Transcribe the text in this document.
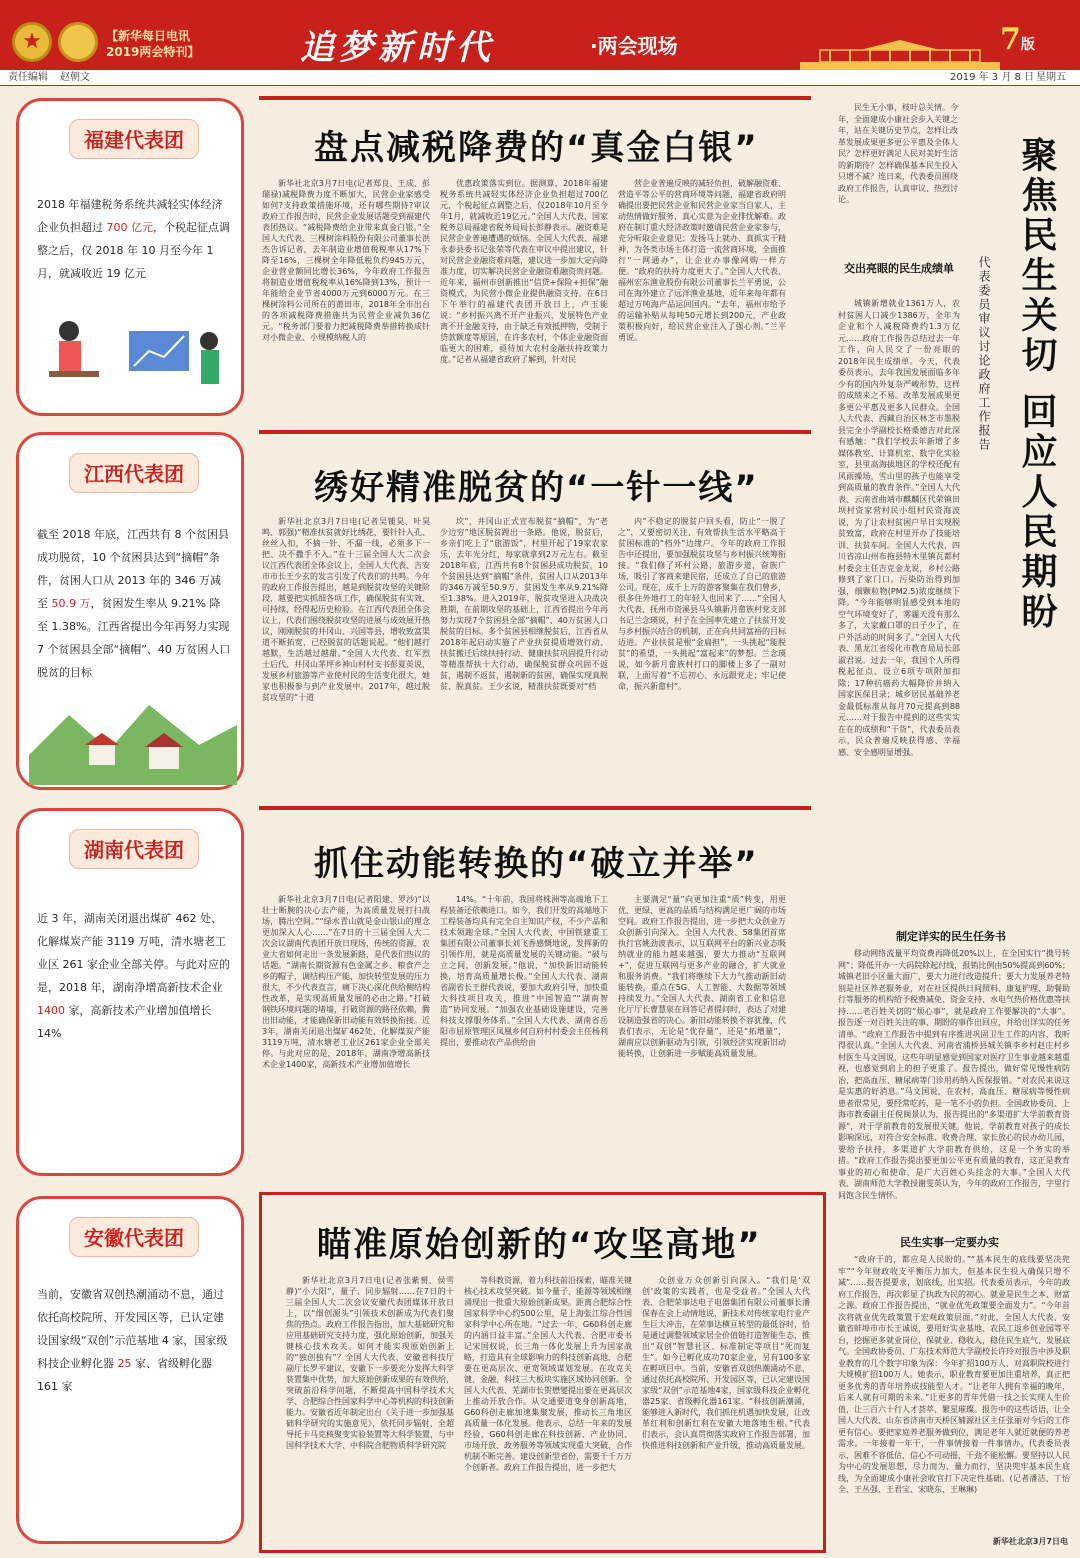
★	【新华每日电讯
2019两会特刊】	追梦新时代	·两会现场	7版
责任编辑 赵朝文	2019 年 3 月 8 日 星期五
福建代表团
2018 年福建税务系统共减轻实体经济企业负担超过 700 亿元，个税起征点调整之后，仅 2018 年 10 月至今年 1 月，就减收近 19 亿元
盘点减税降费的“真金白银”

新华社北京3月7日电(记者郑良、王成、彭瑞禄)减税降费力度不断加大，民营企业家感受如何?支持政策措施环境，还有哪些期待?审议政府工作报告时，民营企业发展话题受到福建代表团热议。“减税降费给企业带来真金白银。”全国人大代表、三棵树涂料股份有限公司董事长洪杰告诉记者，去年制造业增值税税率从17%下降至16%，三棵树全年降低税负约945万元，企业营业额同比增长36%，今年政府工作报告将制造业增值税税率从16%降到13%，预计一年能给企业节省4000万元到6000万元。在三棵树涂料公司所在的莆田市，2018年全市出台的各项减税降费措施共为民营企业减负36亿元。“税务部门要着力把减税降费举措转换成针对小微企业、小规模纳税人的

优惠政策落实到位。据测算，2018年福建税务系统共减轻实体经济企业负担超过700亿元，个税起征点调整之后，仅2018年10月至今年1月，就减收近19亿元。”全国人大代表、国家税务总局福建省税务局局长彭静表示。融资难是民营企业普遍遭遇的烦恼。全国人大代表、福建永泰县委书记张荣等代表在审议中提出建议，针对民营企业融资难问题，建议进一步加大定向降准力度，切实解决民营企业融资难融资贵问题。近年来，福州市创新推出“信贷+保险+担保”融资模式，为民营小微企业提供融资支持。在6日下午举行的福建代表团开放日上，卢玉能说：“乡村振兴离不开产业振兴，发展特色产业离不开金融支持，由于缺乏有效抵押物，受制于贷款额度等原因，在许多农村，个体企业融资面临更大的困难，亟待加大农村金融扶持政策力度。”记者从福建省政府了解到，针对民

营企业普遍反映的减轻负担，破解融资难、营造平等公平的营商环境等问题，福建省政府明确提出要把民营企业和民营企业家当自家人，主动热情做好服务，真心实意为企业排忧解难。政府在制订重大经济政策时邀请民营企业家参与，充分听取企业意见；发扬马上就办、真抓实干精神，为各类市场主体打造一流营商环境，全面推行“一网通办”，让企业办事像网购一样方便。“政府的扶持力度更大了。”全国人大代表、福州宏东渔业股份有限公司董事长兰平勇说，公司在海外建立了远洋渔业基地，近年来每年都有超过万吨海产品运回国内。“去年，福州市给予的运输补贴从每吨50元增长到200元，产业政策积极向好，给民营企业注入了强心剂。”兰平勇说。

江西代表团
截至 2018 年底，江西共有 8 个贫困县成功脱贫，10 个贫困县达到“摘帽”条件，贫困人口从 2013 年的 346 万减至 50.9 万，贫困发生率从 9.21% 降至 1.38%。江西省提出今年再努力实现 7 个贫困县全部“摘帽”、40 万贫困人口脱贫的目标
绣好精准脱贫的“一针一线”

新华社北京3月7日电(记者吴锺昊、叶昊鸣、郭强)“精准扶贫就好比绣花，要针针入孔、丝丝入扣，不摘一针、不漏一线，必须多下一把、决不撒手不入。”在十三届全国人大二次会议江西代表团全体会议上，全国人大代表、吉安市市长王少玄的发言引发了代表们的共鸣。今年的政府工作报告提出，越是到脱贫攻坚的关键阶段，越要把实抓细各项工作，确保脱贫有实效、可持续，经得起历史检验。在江西代表团全体会议上，代表们围绕脱贫攻坚的进展与成效展开热议，刚刚脱贫的井冈山、兴国等县，增收致富渠道不断拓宽，已经脱贫的话题说起。“他们越打越默，生活越过越甜。”全国人大代表、红军烈士后代、井冈山茅坪乡神山村村支书彭夏英说，发展乡村旅游等产业使村民的生活变化很大，她家也积极参与到产业发展中。2017年，越过脱贫攻坚的“十道

坎”，井冈山正式宣布脱贫“摘帽”，为“老少边穷”地区脱贫蹚出一条路。他说，脱贫后，乡亲们吃上了“旅游饭”，村里开起了19家农家乐，去年光分红，每家就拿到2万元左右。截至2018年底，江西共有8个贫困县成功脱贫，10个贫困县达到“摘帽”条件，贫困人口从2013年的346万减至50.9万，贫困发生率从9.21%降至1.38%。进入2019年，脱贫攻坚进入决战决胜期，在前期攻坚的基础上，江西省提出今年再努力实现7个贫困县全部“摘帽”、40万贫困人口脱贫的目标。多个贫困县相继脱贫后，江西省从2018年起启动实施了产业扶贫提质增效行动、扶贫搬迁后续扶持行动、健康扶贫巩固提升行动等精准帮扶十大行动，确保脱贫群众巩固不返贫，遏制不返贫，遏制新的贫困，确保实现真脱贫、脱真贫。王少玄说，精准扶贫既要对“档

内”不稳定的脱贫户回头看，防止“一脱了之”，又要密切关注、有效帮扶生活水平略高于贫困标准的“档外”边缘户。今年的政府工作报告中还提出，要加强脱贫攻坚与乡村振兴统筹衔接。“我们修了环村公路，旅游步道，奋族广场，吸引了客商来建民宿，还成立了自己的旅游公司。现在，成千上万的游客聚集在我们曾乡，很多住外地打工的年轻人也回来了……”全国人大代表、抚州市资溪县马头镇新月畲族村党支部书记兰念瑛说，村子在全国率先建立了扶贫开发与乡村振兴结合的机制，正在向共同富裕的目标迈进。产业扶贫是根“金扁担”，一头挑起“能脱贫”的希望，一头挑起“富起来”的梦想。兰念瑛说，如今新月畲族村打口的脚楼上多了一副对联，上面写着“不忘初心、永远跟党走；牢记使命，振兴新畲村”。

湖南代表团
近 3 年，湖南关闭退出煤矿 462 处、化解煤炭产能 3119 万吨，清水塘老工业区 261 家企业全部关停。与此对应的是，2018 年，湖南净增高新技术企业 1400 家，高新技术产业增加值增长 14%
抓住动能转换的“破立并举”

新华社北京3月7日电(记者阳建、罗沙)“以壮士断腕的决心去产能，为高质量发展打扫战场，腾出空间。”“绿水青山就是金山银山的理念更加深入人心……”在7日的十三届全国人大二次会议湖南代表团开放日现场，传统的资源、农业大省如何走出一条发展新路，是代表们热议的话题。“湖南长期资源有色金属之乡、粮食产之乡的帽子，调结构压产能，加快转型发展的压力很大，不少代表直言，痛下决心深化供给侧结构性改革，是实现高质量发展的必由之路。”打破钢铁环境问题的堵墙，打破资源的路径依赖，腾出旧动能，才能确保新旧动能有效转换衔接。近3年，湖南关闭退出煤矿462处、化解煤炭产能3119万吨，清水塘老工业区261家企业全部关停。与此对应的是，2018年，湖南净增高新技术企业1400家，高新技术产业增加值增长

14%。“十年前，我国将株洲等高端地下工程装备还依赖进口。如今，我们开发的高端地下工程装备均具有完全自主知识产权，不少产品和技术领跑全球。”全国人大代表、中国铁建重工集团有限公司董事长刘飞香感慨地说，发挥新的引领作用，就是高质量发展的关键动能。“破与立之间，创新发展。”他说，“加快新旧动能转换，培育高质量增长极。”全国人大代表、湖南省副省长王群代表说，要加大政府引导，加快重大科技项目攻关，推进“中国智造”“湖南智造”协同发展。“加强农业基础设施建设，完善科技支撑服务体系。”全国人大代表、湖南省岳阳市屈原管理区凤凰乡何自府村村委会主任杨利提出，要推动农产品供给由

主要满足“量”向更加注重“质”转变，用更优、更绿、更高的品质与结构满足更广阔的市场空间。政府工作报告提出，进一步把大众创业万众创新引向深入。全国人大代表、58集团首席执行官姚劲波表示，以互联网平台的新兴业态吸纳就业的能力越来越强，要大力推动“互联网+”，促进互联网与更多产业的融合，扩大就业和服务消费。“我们将继续下大力气推动新旧动能转换，重点在5G、人工智能、大数据等领域持续发力。”全国人大代表、湖南省工业和信息化厅厅长曹慧泉在回答记者提问时，表达了对建设制造强省的决心。新旧动能转换不容犹豫，代表们表示，无论是“优存量”，还是“拓增量”，湖南应以创新驱动为引领，引领经济实现新旧动能转换，让创新进一步赋能高质量发展。

安徽代表团
当前，安徽省双创热潮涌动不息，通过依托高校院所、开发园区等，已认定建设国家级“双创”示范基地 4 家，国家级科技企业孵化器 25 家、省级孵化器 161 家
瞄准原始创新的“攻坚高地”

新华社北京3月7日电(记者张紫赟、侯雪静)“小大阳”，量子、同步辐射……在7日的十三届全国人大二次会议安徽代表团媒体开放日上，以“细创源头”引领技术创新成为代表们聚焦的热点。政府工作报告指出，加大基础研究和应用基础研究支持力度，强化原始创新，加强关键核心技术攻关。如何才能实现原始创新上的“独创独有”？全国人大代表、安徽省科技厅副厅长罗平建议，安徽下一步要充分发挥大科学装置集中优势，加大原始创新成果的有效供给，突破前沿科学问题，不断提高中国科学技术大学、合肥综合性国家科学中心等机构的科技创新能力。安徽省近年制定出台《关于进一步加强基础科学研究的实施意见》，依托同步辐射、全超导托卡马克核聚变实验装置等大科学装置，与中国科学技术大学、中科院合肥物质科学研究院

等科教资源，着力科技前沿探索，瞄准关键核心技术攻坚突破。如今量子、能源等领域相继涌现出一批重大原始创新成果。距离合肥综合性国家科学中心约500公里，是上海张江综合性国家科学中心所在地。“过去一年，G60科创走廊的内涵日益丰富。”全国人大代表、合肥市委书记宋国权说，长三角一体化发展上升为国家战略，打造具有全球影响力的科技创新高地，合肥要在更高层次、更宽领域谋划发展。在攻克关键、金融、科技三大板块实施区域协同创新。全国人大代表、芜湖市长贺懋燮提出要在更高层次上推动开放合作。从交通要道变身创新高地，G60科创走廊加速集聚发展，推动长三角地区高质量一体化发展。他表示，总结一年来的发展经验，G60科创走廊在科技创新、产业协同、市场开放、政务服务等领域实现重大突破，合作机制不断完善。建设创新型省份，需要千千万万个创新者。政府工作报告提出，进一步把大

众创业万众创新引向深入。“我们是‘双创’政策的实践者，也是受益者。”全国人大代表、合肥荣事达电子电器集团有限公司董事长潘保春在会上动情地说，新技术对传统家电行业产生巨大冲击，在荣事达横亘转型的最低谷时，恰是通过调整领域家居全价值链打造智能生态，推出“双创”智慧社区、标准制定等项目“死而复生”。如今已孵化成功70家企业，另有100多家在孵项目中。当前，安徽省双创热潮涌动不息，通过依托高校院所、开发园区等，已认定建设国家级“双创”示范基地4家，国家级科技企业孵化器25家、省级孵化器161家。“科技创新潮涌，能够进入新时代，我们抓住机遇加快发展，让改革红利和创新红利在安徽大地落地生根。”代表们表示，会认真贯彻落实政府工作报告部署，加快推进科技创新和产业升级，推动高质量发展。

民生无小事，枝叶总关情。今年，全面建成小康社会步入关键之年，站在关键历史节点，怎样让改革发展成果更多更公平惠及全体人民？怎样更好满足人民对美好生活的新期待？怎样确保基本民生投入只增不减？连日来，代表委员围绕政府工作报告，认真审议、热烈讨论。
交出亮眼的民生成绩单 聚焦民生关切 回应人民期盼
代表委员审议讨论政府工作报告
城镇新增就业1361万人，农村贫困人口减少1386万，全年为企业和个人减税降费约1.3万亿元……政府工作报告总结过去一年工作，向人民交了一份亮眼的2018年民生成绩单。今天，代表委员表示，去年我国发展面临多年少有的国内外复杂严峻形势，这样的成绩来之不易。改革发展成果更多更公平惠及更多人民群众。全国人大代表、西藏自治区林芝市墨脱县完全小学副校长格桑德吉对此深有感触：“我们学校去年新增了多媒体教室、计算机室、数字化实验室，县里高海拔地区的学校还配有风雨操场，雪山里的孩子也能享受到高质量的教育条件。”全国人大代表、云南省曲靖市麒麟区代荣镇田坝村资家营村民小组村民资海波说，为了让农村贫困户早日实现脱贫致富，政府在村里开办了技能培训、扶贫车间。全国人大代表、四川省凉山州布拖县特木里镇瓦都村村委会主任吉克金龙说，乡村公路修到了家门口。污染防治得到加强，细颗粒物(PM2.5)浓度继续下降。“今年能够明显感受到本地的空气环境变好了，雾霾天没有那么多了，大家戴口罩的日子少了，在户外活动的时间多了。”全国人大代表、黑龙江省绥化市教育局局长邵淑君说。过去一年，我国个人所得税起征点、设立6项专项附加扣除；17种抗癌药大幅降价并纳入国家医保目录；城乡居民基础养老金最低标准从每月70元提高到88元……对于报告中提到的这些实实在在的成绩和“干货”，代表委员表示，民众普遍反映获得感、幸福感、安全感明显增强。
制定详实的民生任务书
移动网络流量平均资费再降低20%以上，在全国实行“携号转网”；降低开办一大码院除起付线，报销比例由50%提高到60%；城镇老旧小区量大面广，要大力进行改造提升；要大力发展养老特别是社区养老服务业，对在社区提供日间照料、康复护理、助餐助行等服务的机构给予税费减免、资金支持、水电气热价格优惠等扶持……老百姓关切的“烦心事”，就是政府工作要解决的“大事”。报告逐一对百姓关注的事、期盼的事作出回应，并给出详实的任务清单。“政府工作报告中提到有序推进巩固卫生工作的内容，我听得很认真。”全国人大代表、河南省浦桥县城关镇李乡村赵庄村乡村医生马文国说，这些年明显感觉到国家对医疗卫生事业越来越重视，也感觉到肩上的担子更重了。报告提出，做好常见慢性病防治，把高血压、糖尿病等门诊用药纳入医保报销。“对农民来说这是实惠的好消息。”马文国说，在农村，高血压、糖尿病等慢性病患者很常见，要经常吃药，是一笔不小的负担。全国政协委员、上海市教委副主任倪闽景认为，报告提出的“多渠道扩大学前教育资源”，对于学前教育的发展很关键。他说，学前教育对孩子的成长影响深远，对符合安全标准、收费合理、家长放心的民办幼儿园，要给予扶持，多渠道扩大学前教育供给，这是一个务实的举措。“政府工作报告提出要更加公平更有质量的教育，这正是教育事业的初心和使命，是广大百姓心头挂念的大事。”全国人大代表、湖南师范大学教授谢雯英认为，今年的政府工作报告，字里行间饱含民生情怀。
民生实事一定要办实
“政府干的，都应是人民盼的。”“基本民生的底线要坚决兜牢”“今年财政收支平衡压力加大，但基本民生投入确保只增不减”……报告提要求，划底线，出实招。代表委员表示，今年的政府工作报告，再次彰显了执政为民的初心。就业是民生之本、财富之源。政府工作报告提出，“就业优先政策要全面发力”。“今年首次将就业优先政策置于宏观政策层面。”对此，全国人大代表、安徽省蚌埠市市长王诚说，要用好实业基地、农民工返乡创业园等平台，挖掘更多就业岗位，保就业、稳收入，稳住民生底气、发展底气。全国政协委员、广东技术师范大学副校长许玲对报告中涉及职业教育的几个数字印象为深：今年扩招100万人、对高职院校进行大规模扩招100万人。她表示，职业教育要更加注重培养，真正把更多优秀的青年培养成技能型人才。“让老年人拥有幸福的晚年，后来人就有可期的未来。”让更多的青年凭借一技之长实现人生价值，让三百六十行人才荟萃、繁星璀璨。报告中的这些话语，让全国人大代表、山东省济南市天桥区辅源社区主任张丽对今后的工作更有信心。要把家庭养老服务做到位，满足老年人就近就便的养老需求。一年接着一年干，一件事情接着一件事情办。代表委员表示，困难不容低估，信心不可动摇，干劲不能松懈。要坚持以人民为中心的发展思想，尽力而为、量力而行，坚决兜牢基本民生底线，为全面建成小康社会收官打下决定性基础。(记者潘洁、丁怡全、王丛强、王君宝、宋晓东、王琳琳)
新华社北京3月7日电
